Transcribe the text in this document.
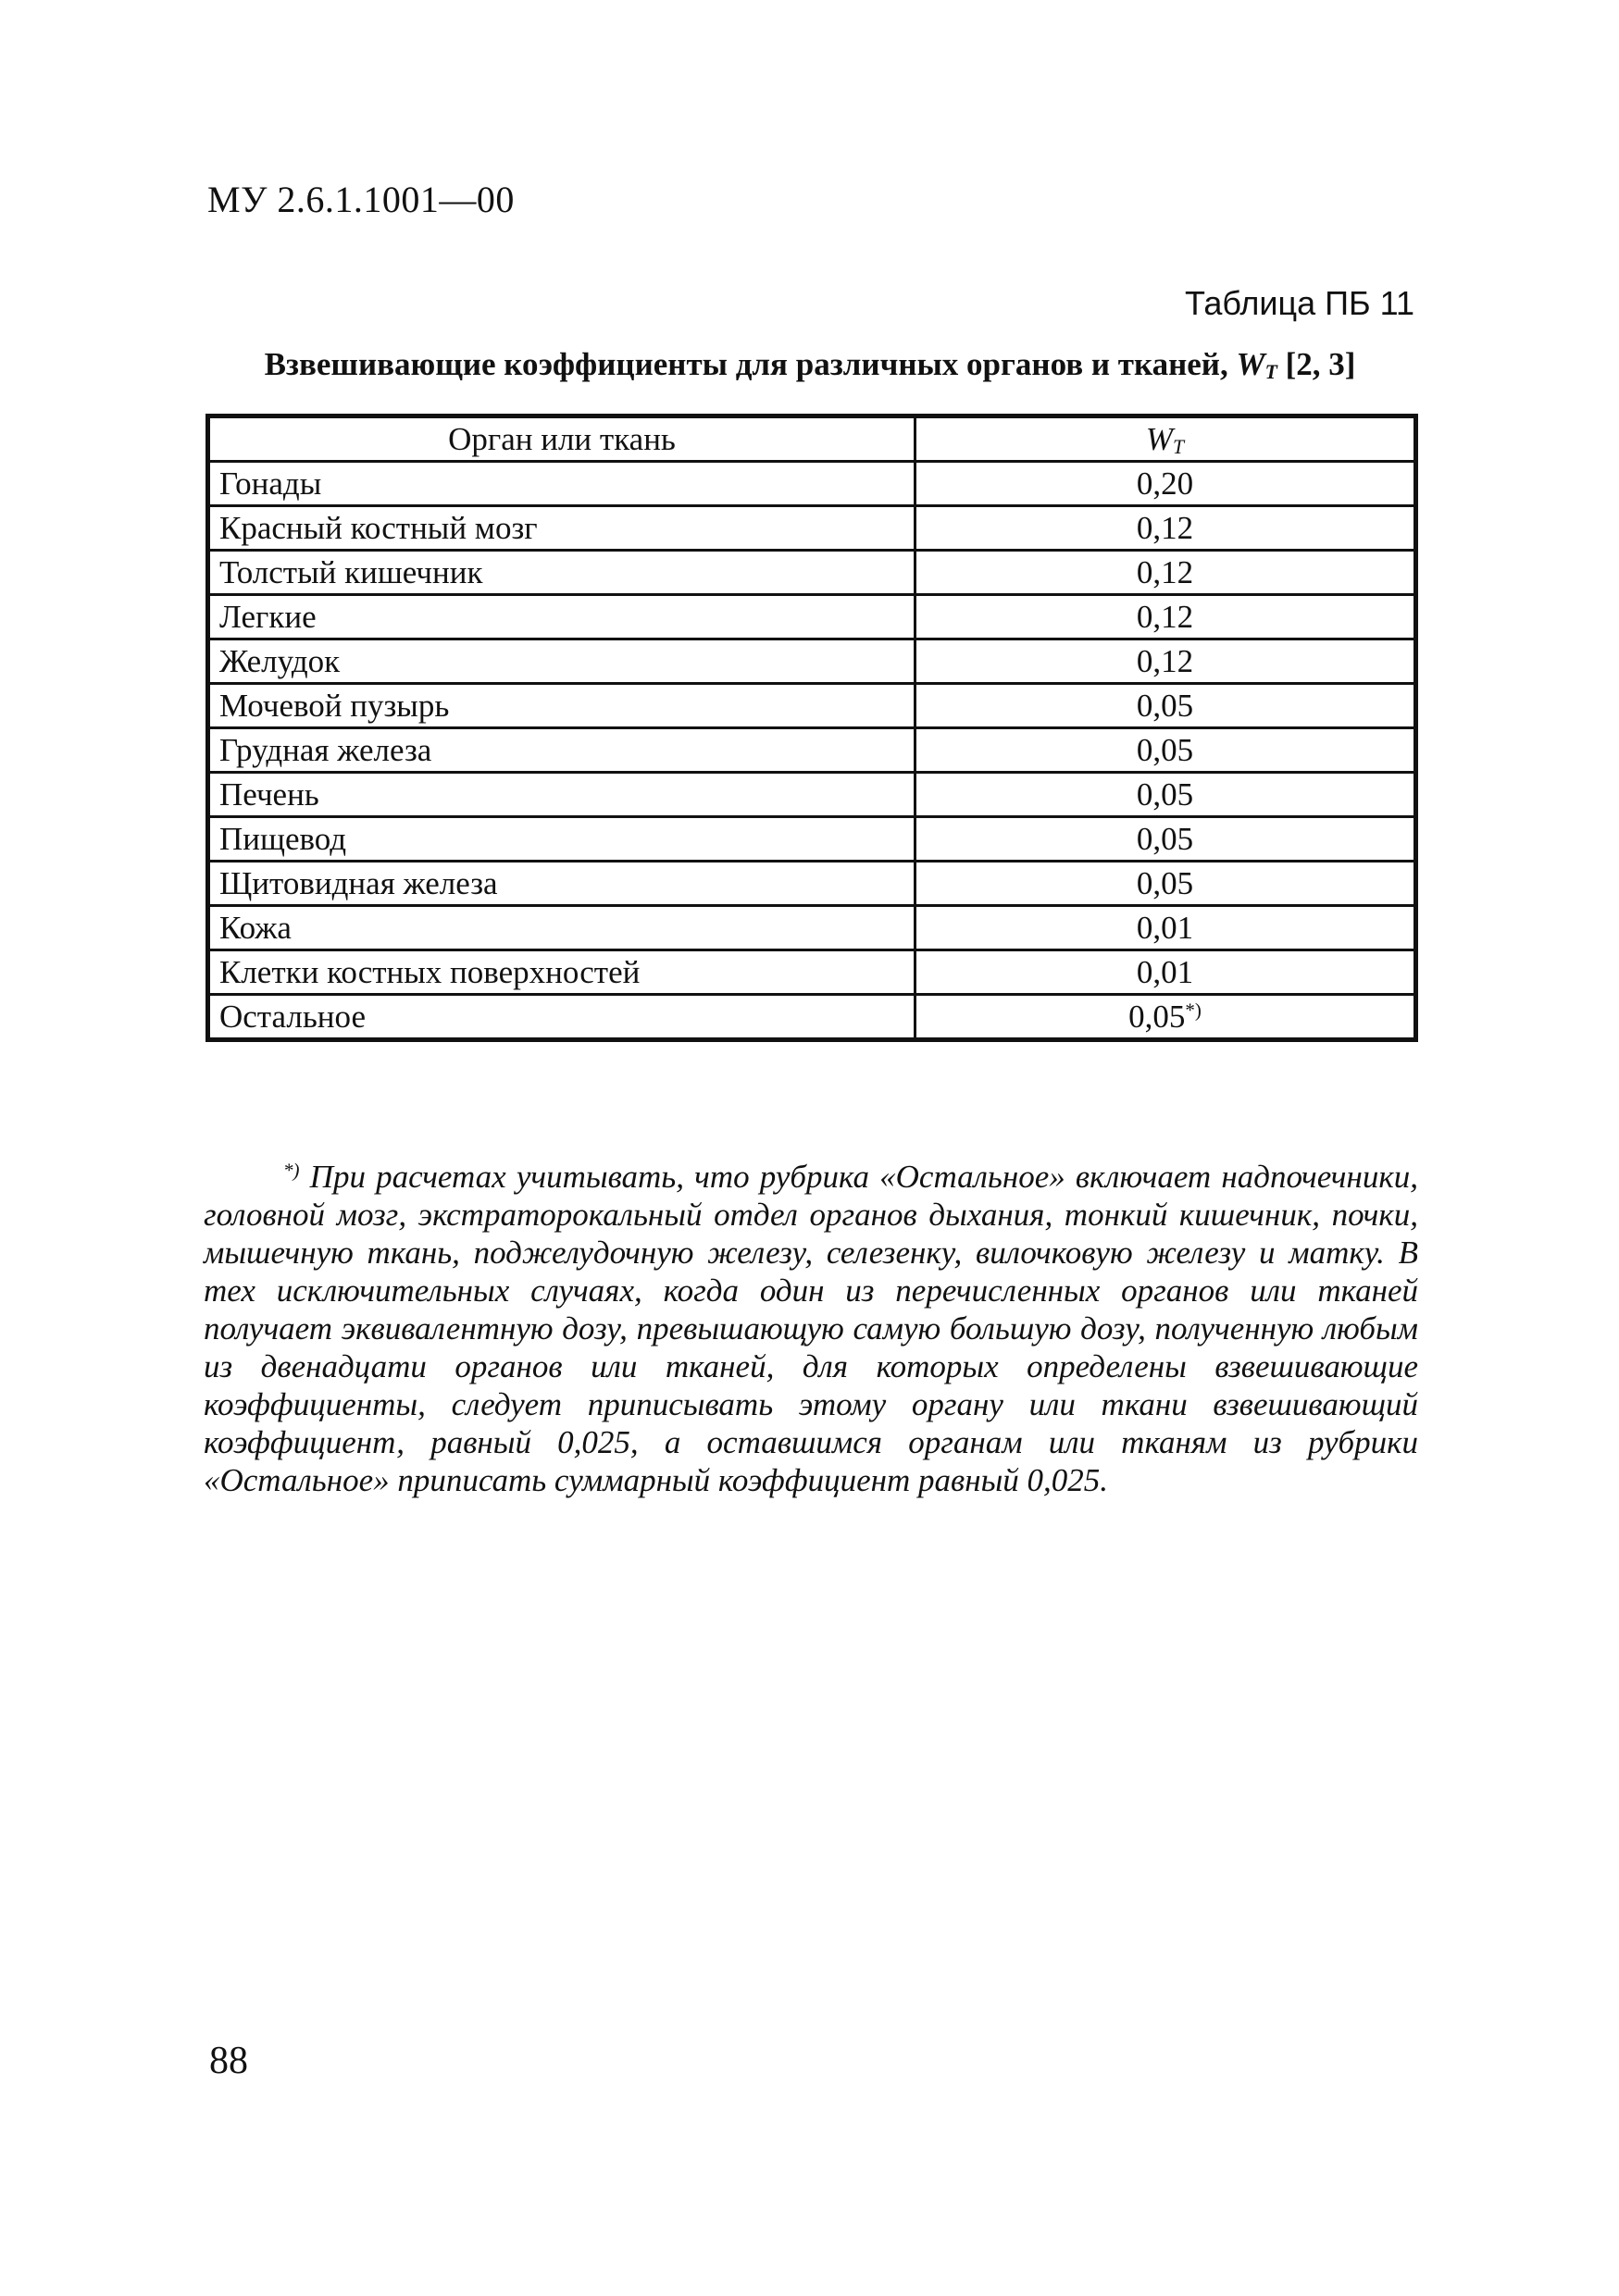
МУ 2.6.1.1001—00
Таблица ПБ 11
Взвешивающие коэффициенты для различных органов и тканей, $W_T$ [2, 3]
Орган или ткань	$W_T$
Гонады	0,20
Красный костный мозг	0,12
Толстый кишечник	0,12
Легкие	0,12
Желудок	0,12
Мочевой пузырь	0,05
Грудная железа	0,05
Печень	0,05
Пищевод	0,05
Щитовидная железа	0,05
Кожа	0,01
Клетки костных поверхностей	0,01
Остальное	0,05*)

*) При расчетах учитывать, что рубрика «Остальное» включает надпочечники, головной мозг, экстраторокальный отдел органов дыхания, тонкий кишечник, почки, мышечную ткань, поджелудочную железу, селезенку, вилочковую железу и матку. В тех исключительных случаях, когда один из перечисленных органов или тканей получает эквивалентную дозу, превышающую самую большую дозу, полученную любым из двенадцати органов или тканей, для которых определены взвешивающие коэффициенты, следует приписывать этому органу или ткани взвешивающий коэффициент, равный 0,025, а оставшимся органам или тканям из рубрики «Остальное» приписать суммарный коэффициент равный 0,025.

88
